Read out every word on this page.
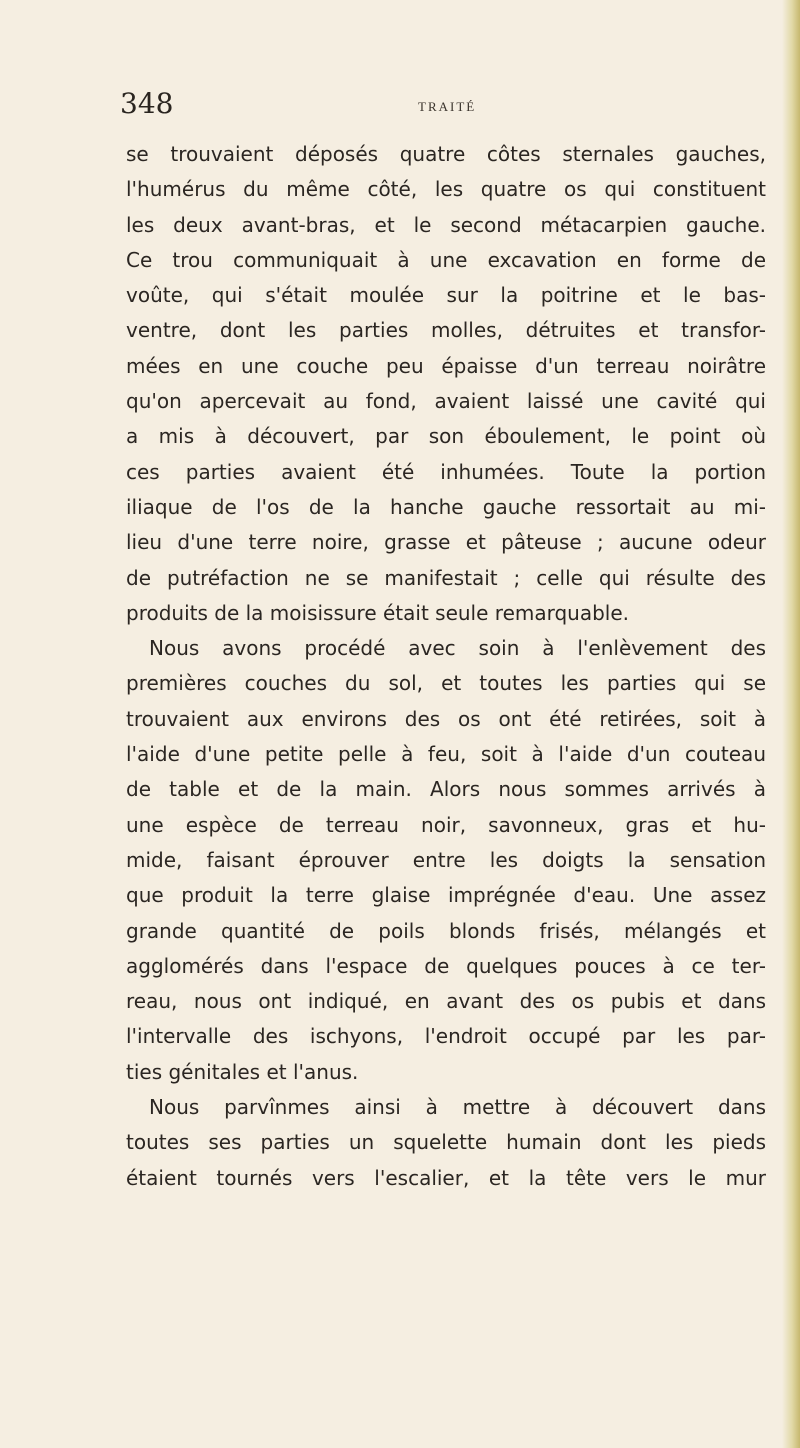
348	TRAITÉ
se trouvaient déposés quatre côtes sternales gauches,
l'humérus du même côté, les quatre os qui constituent
les deux avant-bras, et le second métacarpien gauche.
Ce trou communiquait à une excavation en forme de
voûte, qui s'était moulée sur la poitrine et le bas-
ventre, dont les parties molles, détruites et transfor-
mées en une couche peu épaisse d'un terreau noirâtre
qu'on apercevait au fond, avaient laissé une cavité qui
a mis à découvert, par son éboulement, le point où
ces parties avaient été inhumées. Toute la portion
iliaque de l'os de la hanche gauche ressortait au mi-
lieu d'une terre noire, grasse et pâteuse ; aucune odeur
de putréfaction ne se manifestait ; celle qui résulte des
produits de la moisissure était seule remarquable.
Nous avons procédé avec soin à l'enlèvement des
premières couches du sol, et toutes les parties qui se
trouvaient aux environs des os ont été retirées, soit à
l'aide d'une petite pelle à feu, soit à l'aide d'un couteau
de table et de la main. Alors nous sommes arrivés à
une espèce de terreau noir, savonneux, gras et hu-
mide, faisant éprouver entre les doigts la sensation
que produit la terre glaise imprégnée d'eau. Une assez
grande quantité de poils blonds frisés, mélangés et
agglomérés dans l'espace de quelques pouces à ce ter-
reau, nous ont indiqué, en avant des os pubis et dans
l'intervalle des ischyons, l'endroit occupé par les par-
ties génitales et l'anus.
Nous parvînmes ainsi à mettre à découvert dans
toutes ses parties un squelette humain dont les pieds
étaient tournés vers l'escalier, et la tête vers le mur
